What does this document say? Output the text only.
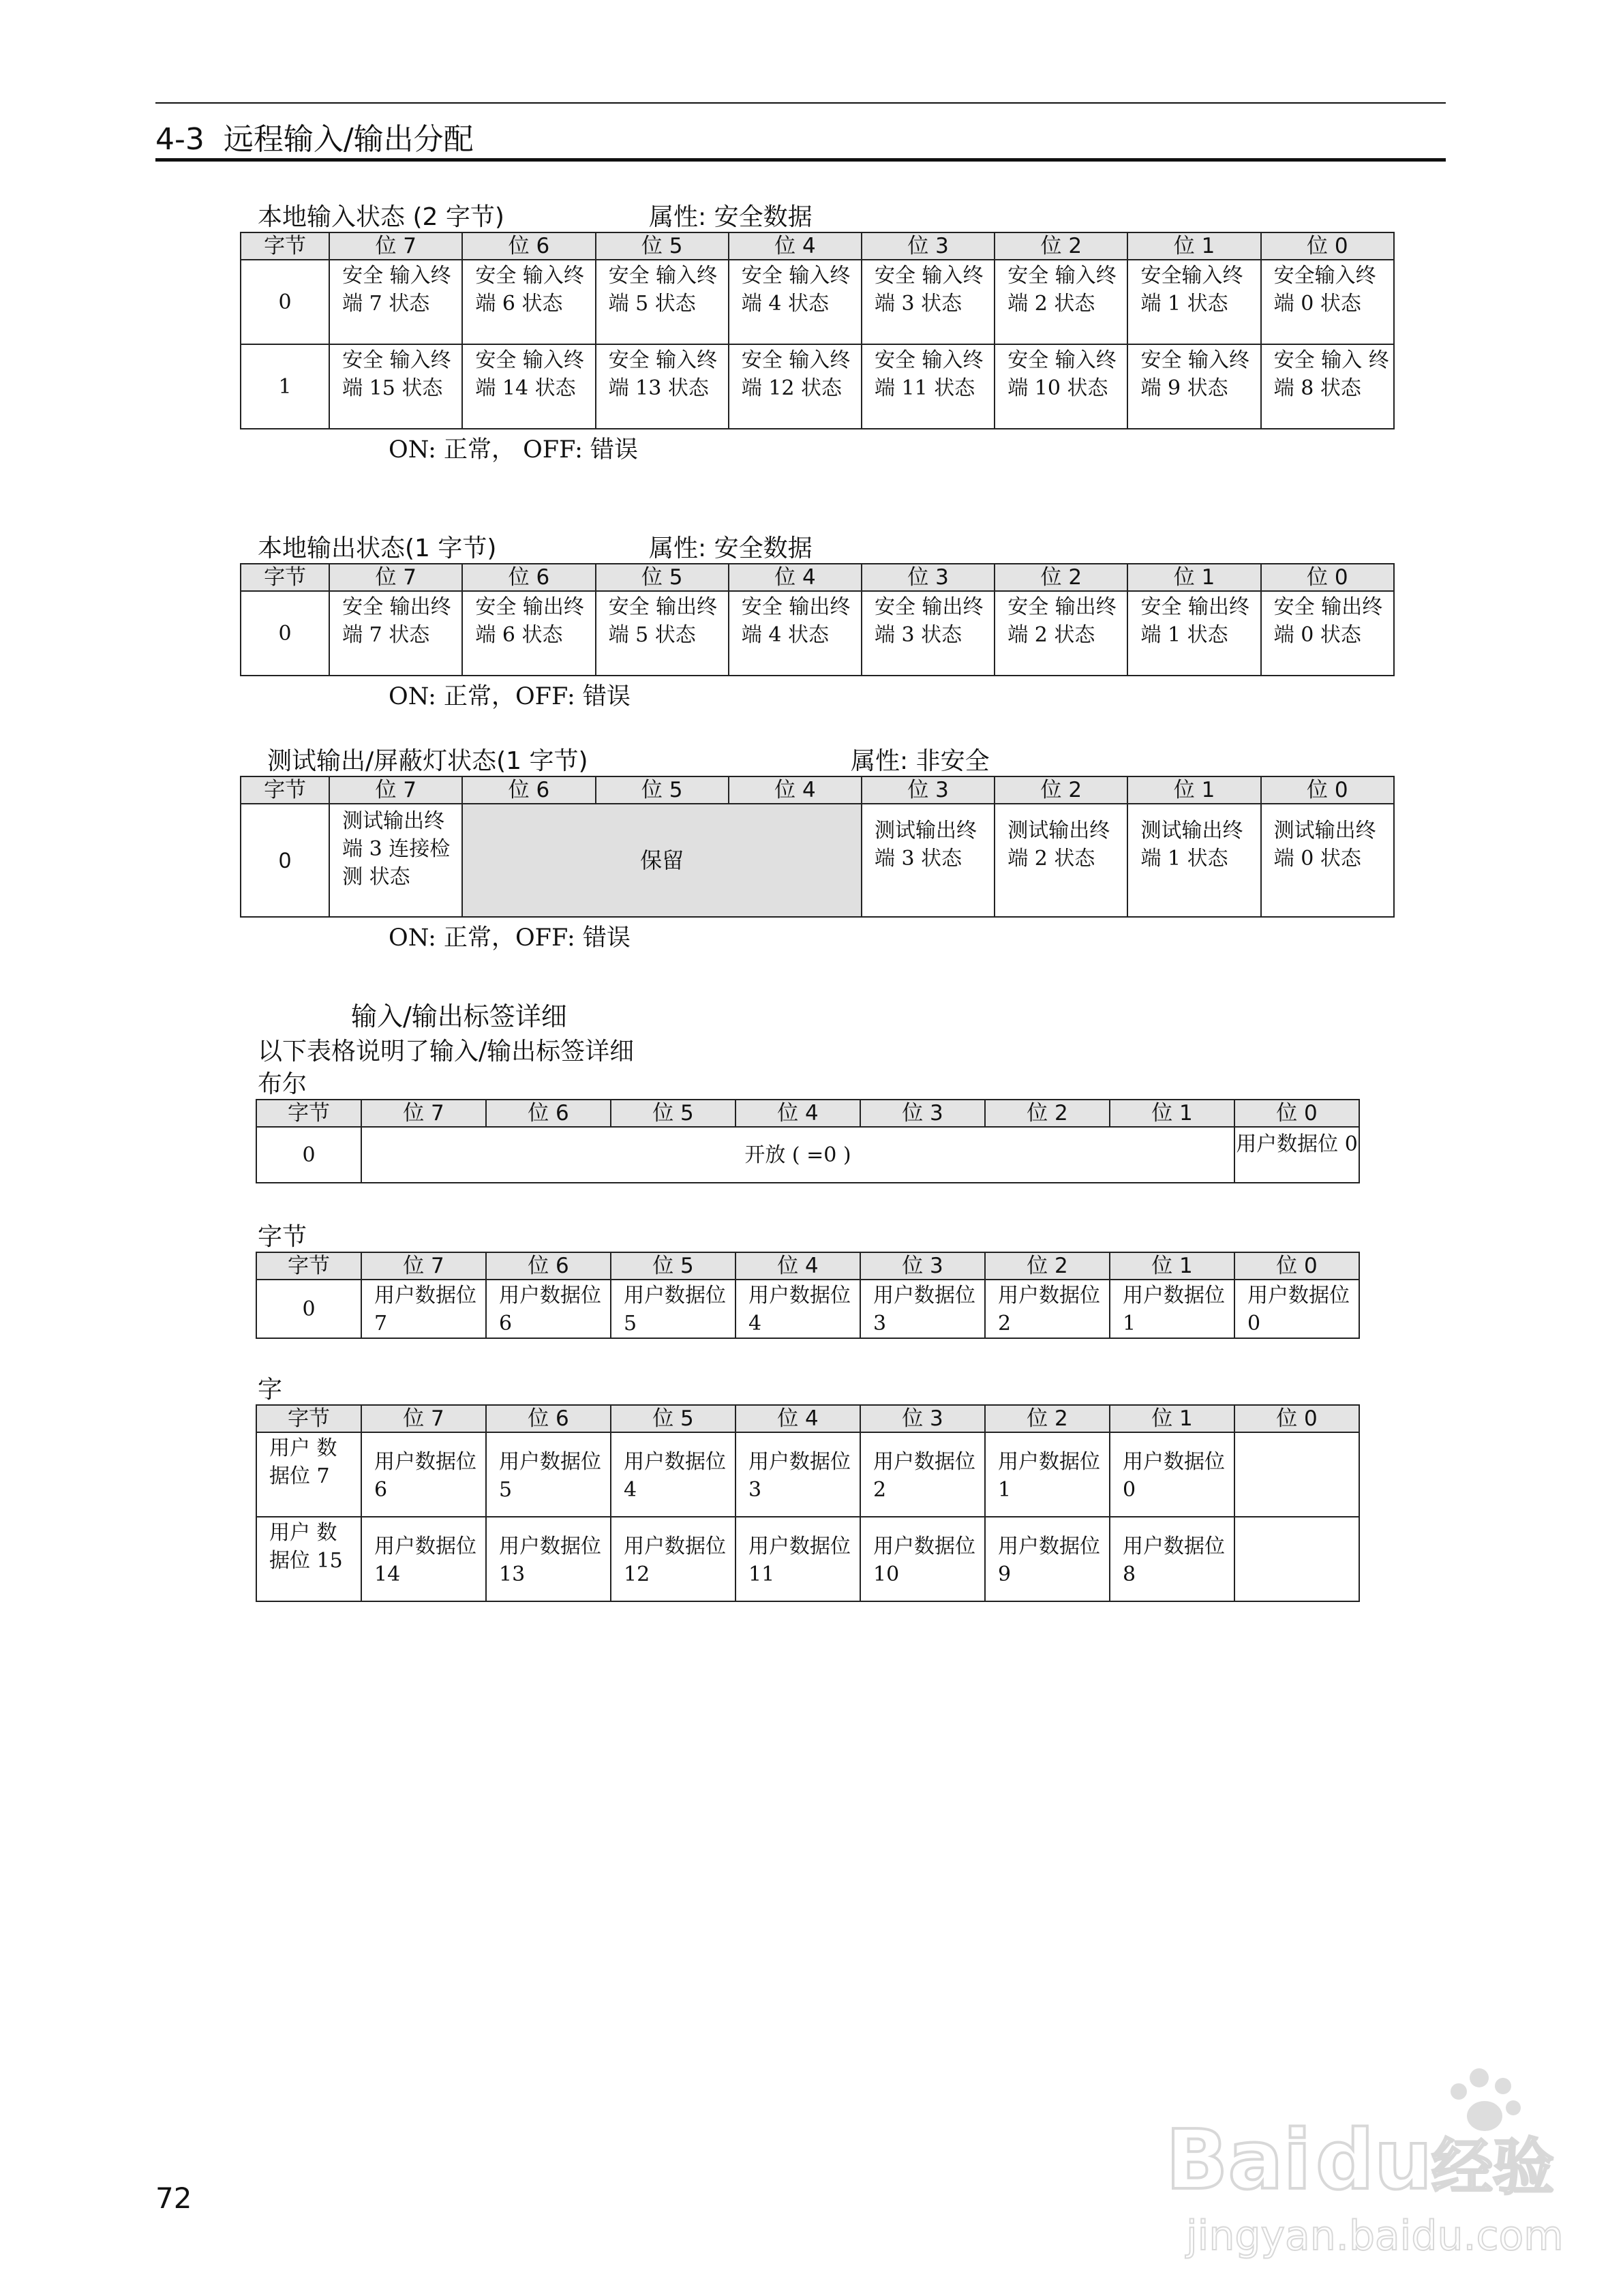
4-3 远程输入/输出分配
本地输入状态 (2 字节)	属性: 安全数据
字节	位 7	位 6	位 5	位 4	位 3	位 2	位 1	位 0
0	安全 输入终端 7 状态	安全 输入终端 6 状态	安全 输入终端 5 状态	安全 输入终端 4 状态	安全 输入终端 3 状态	安全 输入终端 2 状态	安全输入终端 1 状态	安全输入终端 0 状态
1	安全 输入终端 15 状态	安全 输入终端 14 状态	安全 输入终端 13 状态	安全 输入终端 12 状态	安全 输入终端 11 状态	安全 输入终端 10 状态	安全 输入终端 9 状态	安全 输入 终端 8 状态
ON: 正常， OFF: 错误
本地输出状态(1 字节)	属性: 安全数据
字节	位 7	位 6	位 5	位 4	位 3	位 2	位 1	位 0
0	安全 输出终端 7 状态	安全 输出终端 6 状态	安全 输出终端 5 状态	安全 输出终端 4 状态	安全 输出终端 3 状态	安全 输出终端 2 状态	安全 输出终端 1 状态	安全 输出终端 0 状态
ON: 正常，OFF: 错误
测试输出/屏蔽灯状态(1 字节)	属性: 非安全
字节	位 7	位 6	位 5	位 4	位 3	位 2	位 1	位 0
0	测试输出终端 3 连接检测 状态	保留			测试输出终端 3 状态	测试输出终端 2 状态	测试输出终端 1 状态	测试输出终端 0 状态
ON: 正常，OFF: 错误
输入/输出标签详细
以下表格说明了输入/输出标签详细
布尔
字节	位 7	位 6	位 5	位 4	位 3	位 2	位 1	位 0
0	开放 ( =0 )							用户数据位 0
字节
字节	位 7	位 6	位 5	位 4	位 3	位 2	位 1	位 0
0	用户数据位 7	用户数据位 6	用户数据位 5	用户数据位 4	用户数据位 3	用户数据位 2	用户数据位 1	用户数据位 0
字
字节	位 7	位 6	位 5	位 4	位 3	位 2	位 1	位 0
用户 数据位 7	用户数据位 6	用户数据位 5	用户数据位 4	用户数据位 3	用户数据位 2	用户数据位 1	用户数据位 0	
用户 数据位 15	用户数据位 14	用户数据位 13	用户数据位 12	用户数据位 11	用户数据位 10	用户数据位 9	用户数据位 8	
72	Bai du
经验
jingyan.baidu.com
